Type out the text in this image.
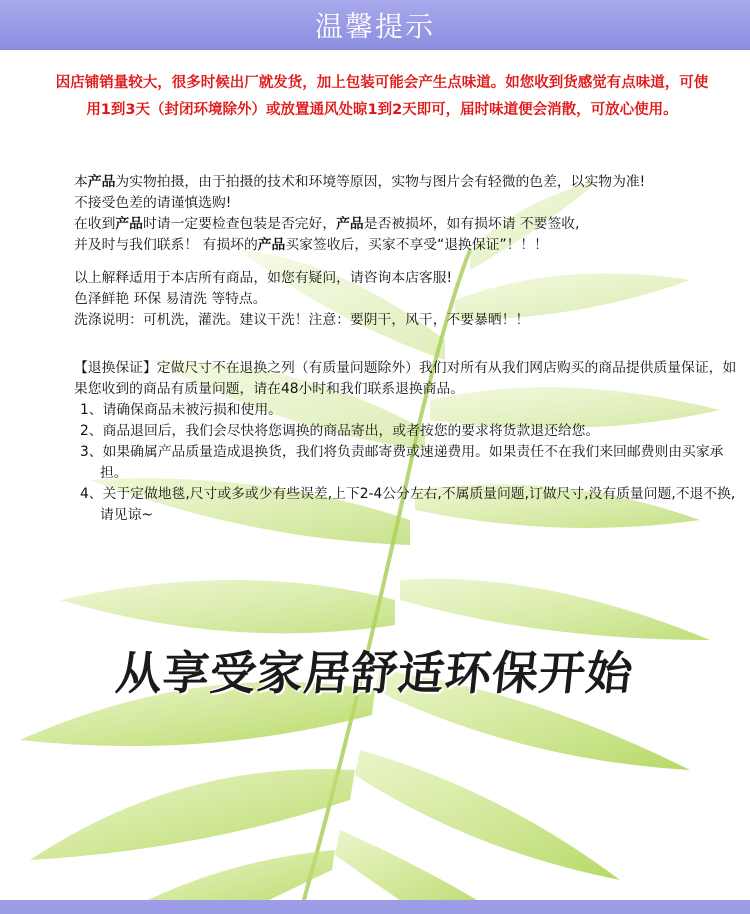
温馨提示
因店铺销量较大，很多时候出厂就发货，加上包装可能会产生点味道。如您收到货感觉有点味道，可使用1到3天（封闭环境除外）或放置通风处晾1到2天即可，届时味道便会消散，可放心使用。

本产品为实物拍摄，由于拍摄的技术和环境等原因，实物与图片会有轻微的色差，以实物为准!

不接受色差的请谨慎选购!

在收到产品时请一定要检查包装是否完好，产品是否被损坏，如有损坏请 不要签收,

并及时与我们联系！ 有损坏的产品买家签收后，买家不享受“退换保证”！！！

以上解释适用于本店所有商品，如您有疑问，请咨询本店客服!

色泽鲜艳 环保 易清洗 等特点。

洗涤说明：可机洗，灌洗。建议干洗！注意：要阴干，风干，不要暴晒！！

【退换保证】定做尺寸不在退换之列（有质量问题除外）我们对所有从我们网店购买的商品提供质量保证，如果您收到的商品有质量问题，请在48小时和我们联系退换商品。

1、请确保商品未被污损和使用。

2、商品退回后，我们会尽快将您调换的商品寄出，或者按您的要求将货款退还给您。

3、如果确属产品质量造成退换货，我们将负责邮寄费或速递费用。如果责任不在我们来回邮费则由买家承担。

4、关于定做地毯,尺寸或多或少有些误差,上下2-4公分左右,不属质量问题,订做尺寸,没有质量问题,不退不换,请见谅~

从享受家居舒适环保开始
